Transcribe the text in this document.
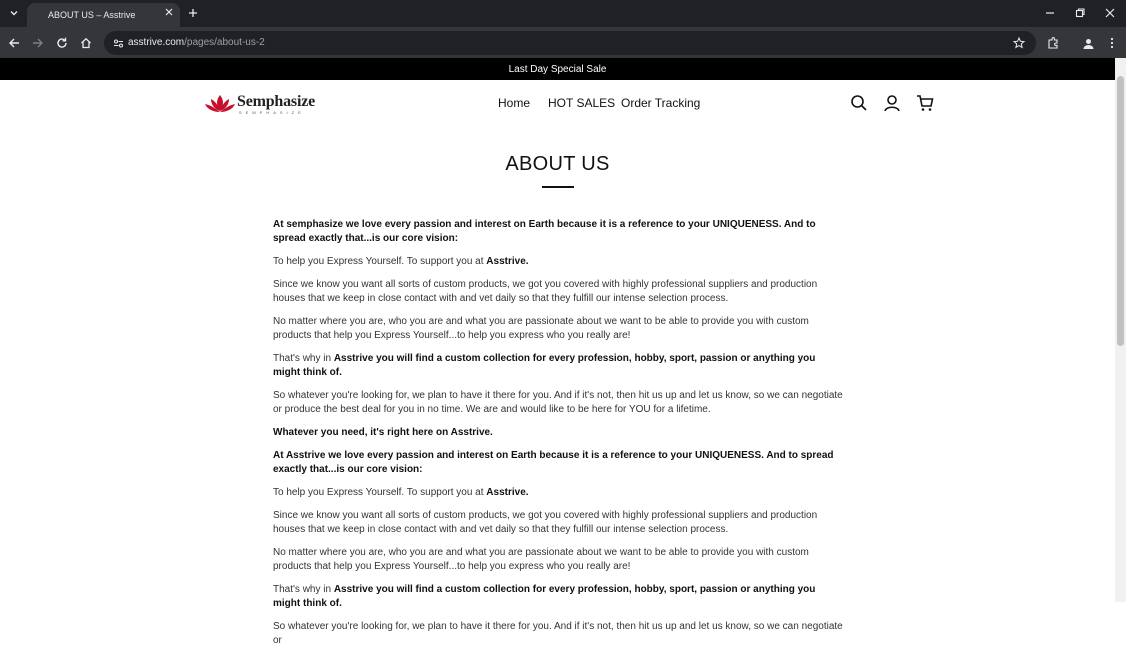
ABOUT US – Asstrive
asstrive.com/pages/about-us-2
Last Day Special Sale
Semphasize
SEMPHASIZE
Home HOT SALES Order Tracking
ABOUT US

At semphasize we love every passion and interest on Earth because it is a reference to your UNIQUENESS. And to spread exactly that...is our core vision:

To help you Express Yourself. To support you at Asstrive.

Since we know you want all sorts of custom products, we got you covered with highly professional suppliers and production houses that we keep in close contact with and vet daily so that they fulfill our intense selection process.

No matter where you are, who you are and what you are passionate about we want to be able to provide you with custom products that help you Express Yourself...to help you express who you really are!

That's why in Asstrive you will find a custom collection for every profession, hobby, sport, passion or anything you might think of.

So whatever you're looking for, we plan to have it there for you. And if it's not, then hit us up and let us know, so we can negotiate or produce the best deal for you in no time. We are and would like to be here for YOU for a lifetime.

Whatever you need, it's right here on Asstrive.

At Asstrive we love every passion and interest on Earth because it is a reference to your UNIQUENESS. And to spread exactly that...is our core vision:

To help you Express Yourself. To support you at Asstrive.

Since we know you want all sorts of custom products, we got you covered with highly professional suppliers and production houses that we keep in close contact with and vet daily so that they fulfill our intense selection process.

No matter where you are, who you are and what you are passionate about we want to be able to provide you with custom products that help you Express Yourself...to help you express who you really are!

That's why in Asstrive you will find a custom collection for every profession, hobby, sport, passion or anything you might think of.

So whatever you're looking for, we plan to have it there for you. And if it's not, then hit us up and let us know, so we can negotiate or
